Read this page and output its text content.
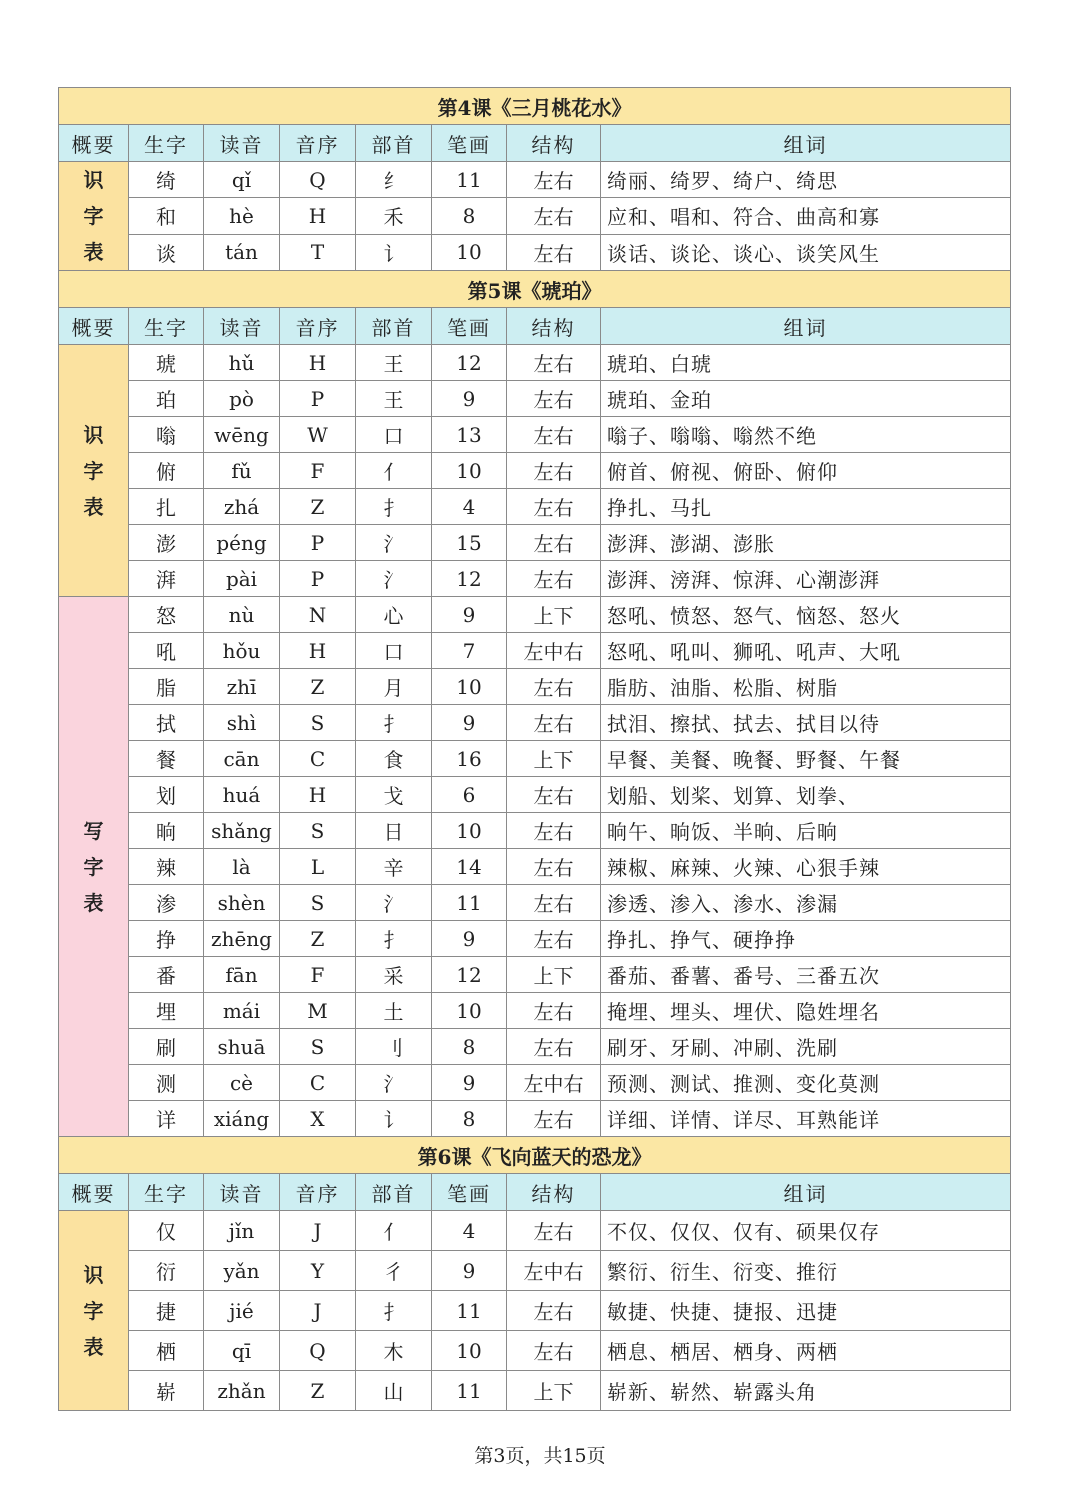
第4课《三月桃花水》							
概要	生字	读音	音序	部首	笔画	结构	组词

识
字
表	绮	qǐ	Q	纟	11	左右	绮丽、绮罗、绮户、绮思
	和	hè	H	禾	8	左右	应和、唱和、符合、曲高和寡
	谈	tán	T	讠	10	左右	谈话、谈论、谈心、谈笑风生
第5课《琥珀》							
概要	生字	读音	音序	部首	笔画	结构	组词

识
字
表	琥	hǔ	H	王	12	左右	琥珀、白琥
	珀	pò	P	王	9	左右	琥珀、金珀
	嗡	wēng	W	口	13	左右	嗡子、嗡嗡、嗡然不绝
	俯	fǔ	F	亻	10	左右	俯首、俯视、俯卧、俯仰
	扎	zhá	Z	扌	4	左右	挣扎、马扎
	澎	péng	P	氵	15	左右	澎湃、澎湖、澎胀
	湃	pài	P	氵	12	左右	澎湃、滂湃、惊湃、心潮澎湃

写
字
表	怒	nù	N	心	9	上下	怒吼、愤怒、怒气、恼怒、怒火
	吼	hǒu	H	口	7	左中右	怒吼、吼叫、狮吼、吼声、大吼
	脂	zhī	Z	月	10	左右	脂肪、油脂、松脂、树脂
	拭	shì	S	扌	9	左右	拭泪、擦拭、拭去、拭目以待
	餐	cān	C	食	16	上下	早餐、美餐、晚餐、野餐、午餐
	划	huá	H	戈	6	左右	划船、划桨、划算、划拳、
	晌	shǎng	S	日	10	左右	晌午、晌饭、半晌、后晌
	辣	là	L	辛	14	左右	辣椒、麻辣、火辣、心狠手辣
	渗	shèn	S	氵	11	左右	渗透、渗入、渗水、渗漏
	挣	zhēng	Z	扌	9	左右	挣扎、挣气、硬挣挣
	番	fān	F	采	12	上下	番茄、番薯、番号、三番五次
	埋	mái	M	土	10	左右	掩埋、埋头、埋伏、隐姓埋名
	刷	shuā	S	刂	8	左右	刷牙、牙刷、冲刷、洗刷
	测	cè	C	氵	9	左中右	预测、测试、推测、变化莫测
	详	xiáng	X	讠	8	左右	详细、详情、详尽、耳熟能详
第6课《飞向蓝天的恐龙》							
概要	生字	读音	音序	部首	笔画	结构	组词

识
字
表	仅	jǐn	J	亻	4	左右	不仅、仅仅、仅有、硕果仅存
	衍	yǎn	Y	彳	9	左中右	繁衍、衍生、衍变、推衍
	捷	jié	J	扌	11	左右	敏捷、快捷、捷报、迅捷
	栖	qī	Q	木	10	左右	栖息、栖居、栖身、两栖
	崭	zhǎn	Z	山	11	上下	崭新、崭然、崭露头角
第3页，共15页
